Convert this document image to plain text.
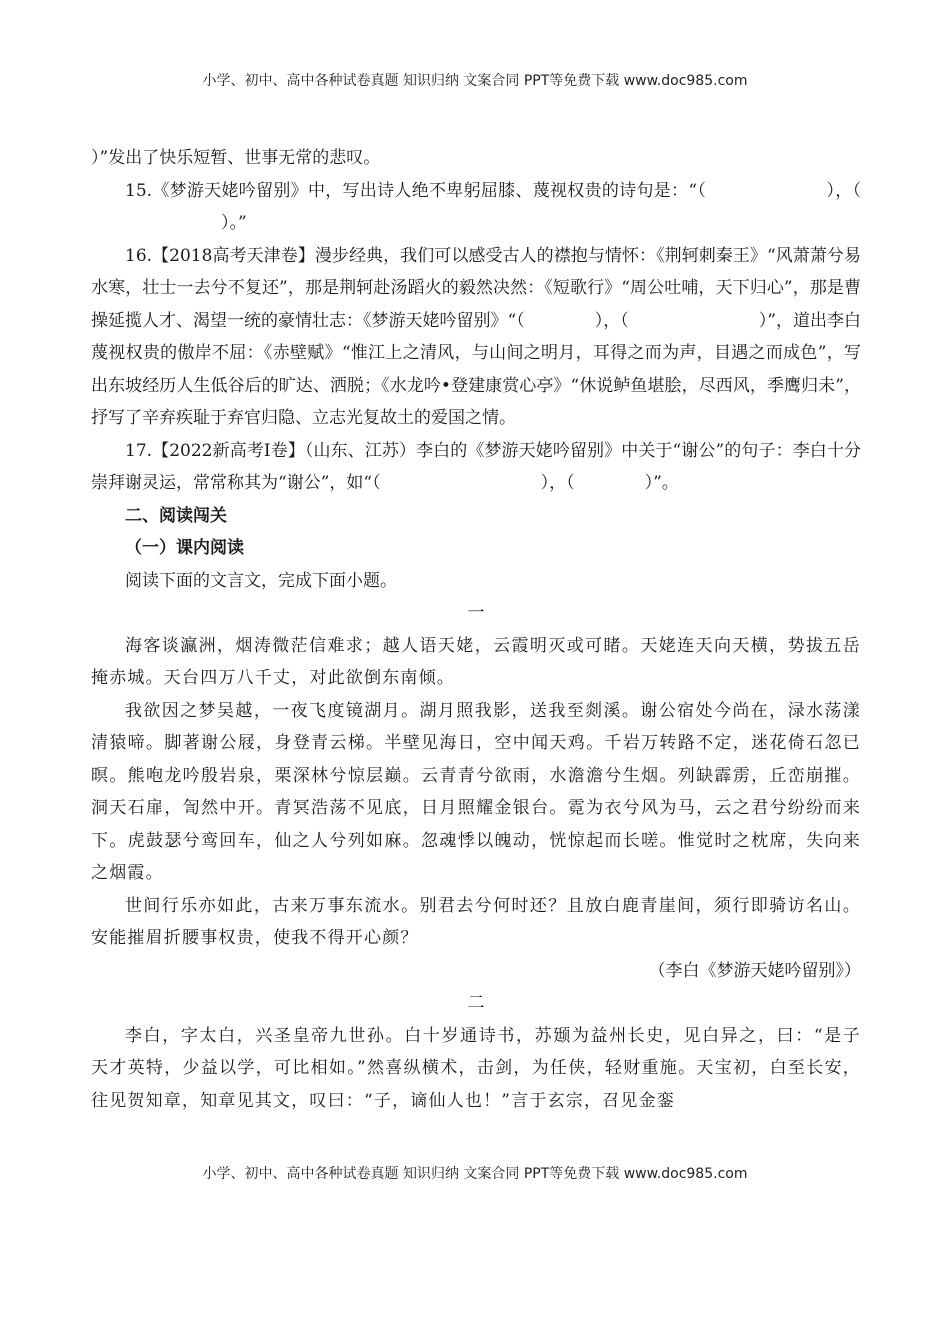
小学、初中、高中各种试卷真题 知识归纳 文案合同 PPT等免费下载 www.doc985.com

）”发出了快乐短暂、世事无常的悲叹。

15.《梦游天姥吟留别》中，写出诗人绝不卑躬屈膝、蔑视权贵的诗句是：“（	），（）。”

16.【2018高考天津卷】漫步经典，我们可以感受古人的襟抱与情怀：《荆轲刺秦王》“风萧萧兮易水寒，壮士一去兮不复还”，那是荆轲赴汤蹈火的毅然决然：《短歌行》“周公吐哺，天下归心”，那是曹操延揽人才、渴望一统的豪情壮志：《梦游天姥吟留别》“（	），（	）”，道出李白蔑视权贵的傲岸不屈：《赤壁赋》“惟江上之清风，与山间之明月，耳得之而为声，目遇之而成色”，写出东坡经历人生低谷后的旷达、洒脱；《水龙吟•登建康赏心亭》“休说鲈鱼堪脍，尽西风，季鹰归未”，抒写了辛弃疾耻于弃官归隐、立志光复故土的爱国之情。

17.【2022新高考Ⅰ卷】（山东、江苏）李白的《梦游天姥吟留别》中关于“谢公”的句子：李白十分崇拜谢灵运，常常称其为“谢公”，如“（	），（	）”。

二、阅读闯关

（一）课内阅读

阅读下面的文言文，完成下面小题。

一

海客谈瀛洲，烟涛微茫信难求；越人语天姥，云霞明灭或可睹。天姥连天向天横，势拔五岳掩赤城。天台四万八千丈，对此欲倒东南倾。

我欲因之梦吴越，一夜飞度镜湖月。湖月照我影，送我至剡溪。谢公宿处今尚在，渌水荡漾清猿啼。脚著谢公屐，身登青云梯。半壁见海日，空中闻天鸡。千岩万转路不定，迷花倚石忽已暝。熊咆龙吟殷岩泉，栗深林兮惊层巅。云青青兮欲雨，水澹澹兮生烟。列缺霹雳，丘峦崩摧。洞天石扉，訇然中开。青冥浩荡不见底，日月照耀金银台。霓为衣兮风为马，云之君兮纷纷而来下。虎鼓瑟兮鸾回车，仙之人兮列如麻。忽魂悸以魄动，恍惊起而长嗟。惟觉时之枕席，失向来之烟霞。

世间行乐亦如此，古来万事东流水。别君去兮何时还？且放白鹿青崖间，须行即骑访名山。安能摧眉折腰事权贵，使我不得开心颜？

（李白《梦游天姥吟留别》）

二

李白，字太白，兴圣皇帝九世孙。白十岁通诗书，苏颋为益州长史，见白异之，曰：“是子天才英特，少益以学，可比相如。”然喜纵横术，击剑，为任侠，轻财重施。天宝初，白至长安，往见贺知章，知章见其文，叹曰：“子，谪仙人也！”言于玄宗，召见金銮

小学、初中、高中各种试卷真题 知识归纳 文案合同 PPT等免费下载 www.doc985.com
